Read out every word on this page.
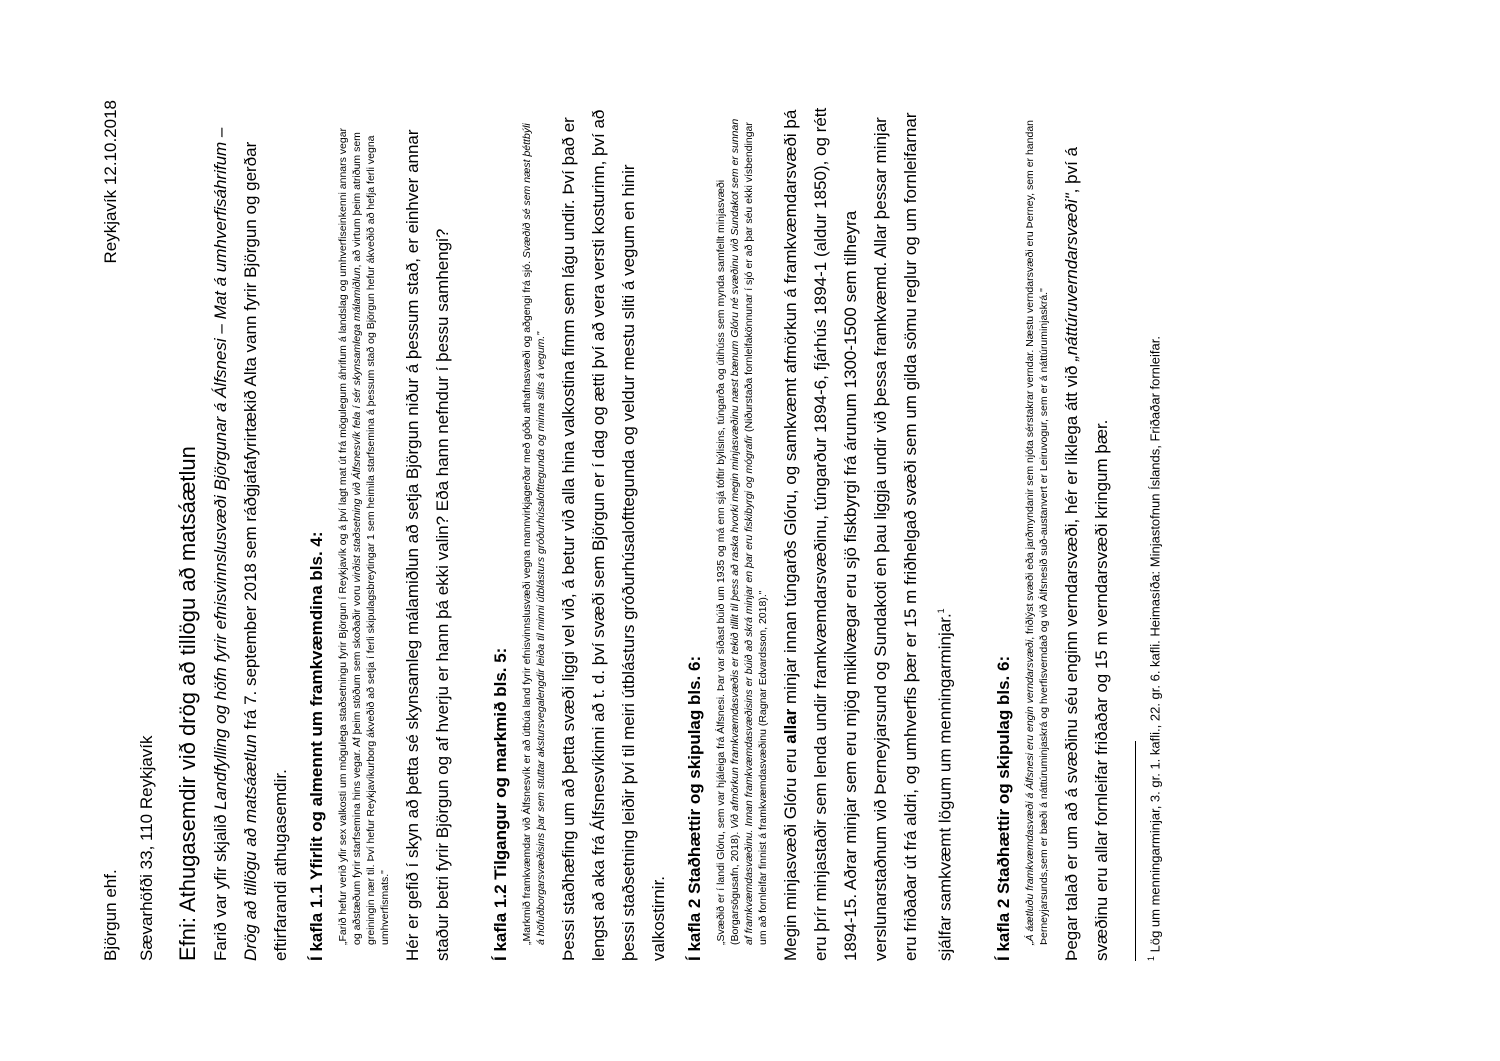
Björgun ehf.
Reykjavík 12.10.2018
Sævarhöfði 33, 110 Reykjavík Efni: Athugasemdir við drög að tillögu að matsáætlun Farið var yfir skjalið Landfylling og höfn fyrir efnisvinnslusvæði Björgunar á Álfsnesi – Mat á umhverfisáhrifum – Drög að tillögu að matsáætlun frá 7. september 2018 sem ráðgjafafyrirtækið Alta vann fyrir Björgun og gerðar eftirfarandi athugasemdir.	Í kafla 1.1 Yfirlit og almennt um framkvæmdina bls. 4:	„Farið hefur verið yfir sex valkosti um mögulega staðsetningu fyrir Björgun í Reykjavík og á því lagt mat út frá mögulegum áhrifum á landslag og umhverfiseinkenni annars vegar og aðstæðum fyrir starfsemina hins vegar. Af þeim stöðum sem skoðaðir voru virðist staðsetning við Álfsnesvík fela í sér skynsamlega málamiðlun, að virtum þeim atriðum sem greiningin nær til. Því hefur Reykjavíkurborg ákveðið að setja í ferli skipulagsbreytingar 1 sem heimila starfsemina á þessum stað og Björgun hefur ákveðið að hefja ferli vegna umhverfismats." Hér er gefið í skyn að þetta sé skynsamleg málamiðlun að setja Björgun niður á þessum stað, er einhver annar staður betri fyrir Björgun og af hverju er hann þá ekki valin? Eða hann nefndur í þessu samhengi?	Í kafla 1.2 Tilgangur og markmið bls. 5:	„Markmið framkvæmdar við Álfsnesvík er að útbúa land fyrir efnisvinnslusvæði vegna mannvirkjagerðar með góðu athafnasvæði og aðgengi frá sjó. Svæðið sé sem næst þéttbýli á höfuðborgarsvæðisins þar sem stuttar akstursvegalengdir leiða til minni útblásturs gróðurhúsalofttegunda og minna slits á vegum." Þessi staðhæfing um að þetta svæði liggi vel við, á betur við alla hina valkostina fimm sem lágu undir. Því það er lengst að aka frá Álfsnesvíkinni að t. d. því svæði sem Björgun er í dag og ætti því að vera versti kosturinn, því að þessi staðsetning leiðir því til meiri útblásturs gróðurhúsalofttegunda og veldur mestu sliti á vegum en hinir valkostirnir.	Í kafla 2 Staðhættir og skipulag bls. 6:	„Svæðið er í landi Glóru, sem var hjáleiga frá Álfsnesi. Þar var síðast búið um 1935 og má enn sjá tóftir býlisins, túngarða og útihúss sem mynda samfellt minjasvæði (Borgarsögusafn, 2018). Við afmörkun framkvæmdasvæðis er tekið tillit til þess að raska hvorki megin minjasvæðinu næst bænum Glóru né svæðinu við Sundakot sem er sunnan af framkvæmdasvæðinu. Innan framkvæmdasvæðisins er búið að skrá minjar en þar eru fiskibyrgi og mógrafir (Niðurstaða fornleifakönnunar í sjó er að þar séu ekki vísbendingar um að fornleifar finnist á framkvæmdasvæðinu (Ragnar Edvardsson, 2018)." Megin minjasvæði Glóru eru allar minjar innan túngarðs Glóru, og samkvæmt afmörkun á framkvæmdarsvæði þá eru þrír minjastaðir sem lenda undir framkvæmdarsvæðinu, túngarður 1894-6, fjárhús 1894-1 (aldur 1850), og rétt 1894-15. Aðrar minjar sem eru mjög mikilvægar eru sjö fiskbyrgi frá árunum 1300-1500 sem tilheyra verslunarstaðnum við Þerneyjarsund og Sundakoti en þau liggja undir við þessa framkvæmd. Allar þessar minjar eru friðaðar út frá aldri, og umhverfis þær er 15 m friðhelgað svæði sem um gilda sömu reglur og um fornleifarnar sjálfar samkvæmt lögum um menningarminjar.$^1$

Í kafla 2 Staðhættir og skipulag bls. 6:	„Á áætluðu framkvæmdasvæði á Álfsnesi eru engin verndarsvæði, friðlýst svæði eða jarðmyndanir sem njóta sérstakrar verndar. Næstu verndarsvæði eru Þerney, sem er handan Þerneyjarsunds,sem er bæði á náttúruminjaskrá og hverfisverndað og við Álfsnesið suð-austanvert er Leiruvogur, sem er á náttúruminjaskrá." Þegar talað er um að á svæðinu séu enginn verndarsvæði, hér er líklega átt við „náttúruverndarsvæði", því á svæðinu eru allar fornleifar friðaðar og 15 m verndarsvæði kringum þær.	$^1$ Lög um menningarminjar, 3. gr. 1. kafli., 22. gr. 6. kafli. Heimasíða: Minjastofnun Íslands, Friðaðar fornleifar.
